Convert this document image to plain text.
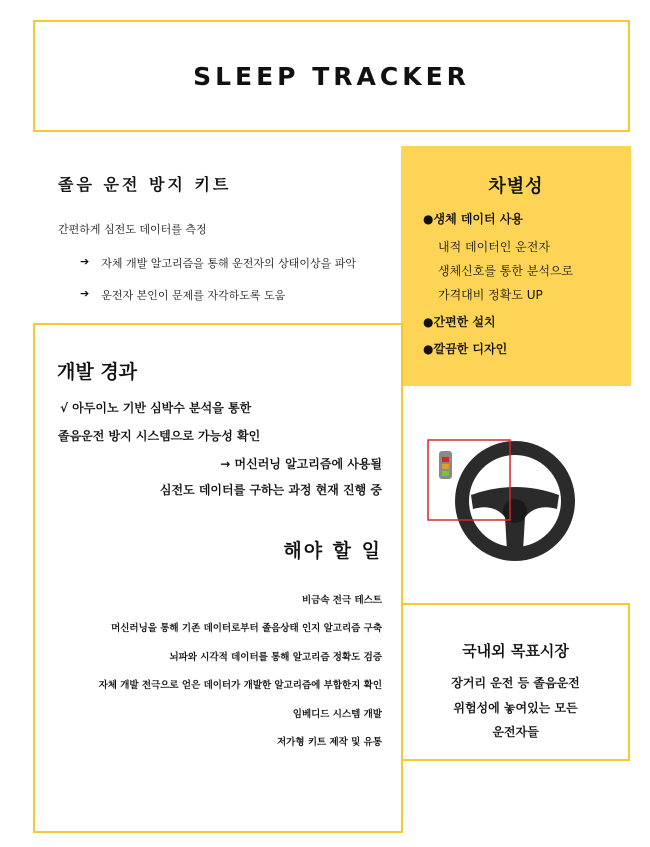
SLEEP TRACKER
졸음 운전 방지 키트
간편하게 심전도 데이터를 측정
➔ 자체 개발 알고리즘을 통해 운전자의 상태이상을 파악
➔ 운전자 본인이 문제를 자각하도록 도움
차별성
●생체 데이터 사용
내적 데이터인 운전자
생체신호를 통한 분석으로
가격대비 정확도 UP
●간편한 설치
●깔끔한 디자인
개발 경과
√ 아두이노 기반 심박수 분석을 통한
졸음운전 방지 시스템으로 가능성 확인
→ 머신러닝 알고리즘에 사용될
심전도 데이터를 구하는 과정 현재 진행 중
해야 할 일
비금속 전극 테스트
머신러닝을 통해 기존 데이터로부터 졸음상태 인지 알고리즘 구축
뇌파와 시각적 데이터를 통해 알고리즘 정확도 검증
자체 개발 전극으로 얻은 데이터가 개발한 알고리즘에 부합한지 확인
임베디드 시스템 개발
저가형 키트 제작 및 유통
국내외 목표시장
장거리 운전 등 졸음운전
위험성에 놓여있는 모든
운전자들
